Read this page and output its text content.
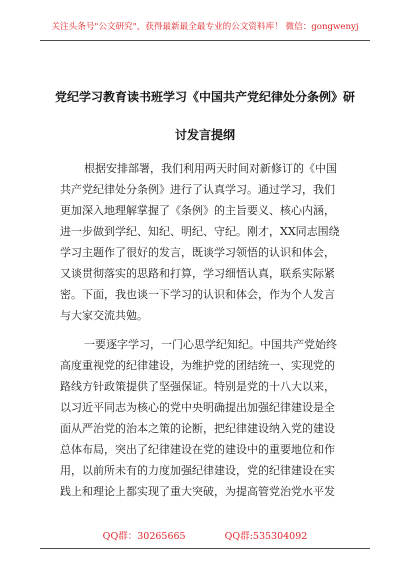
关注头条号"公文研究"，获得最新最全最专业的公文资料库！ 微信：gongwenyj
党纪学习教育读书班学习《中国共产党纪律处分条例》研
讨发言提纲
根据安排部署，我们利用两天时间对新修订的《中国
共产党纪律处分条例》进行了认真学习。通过学习，我们
更加深入地理解掌握了《条例》的主旨要义、核心内涵，
进一步做到学纪、知纪、明纪、守纪。刚才，XX同志围绕
学习主题作了很好的发言，既谈学习领悟的认识和体会，
又谈贯彻落实的思路和打算，学习细悟认真，联系实际紧
密。下面，我也谈一下学习的认识和体会，作为个人发言
与大家交流共勉。
一要逐字学习，一门心思学纪知纪。中国共产党始终
高度重视党的纪律建设，为维护党的团结统一、实现党的
路线方针政策提供了坚强保证。特别是党的十八大以来，
以习近平同志为核心的党中央明确提出加强纪律建设是全
面从严治党的治本之策的论断，把纪律建设纳入党的建设
总体布局，突出了纪律建设在党的建设中的重要地位和作
用，以前所未有的力度加强纪律建设，党的纪律建设在实
践上和理论上都实现了重大突破，为提高管党治党水平发
QQ群：30265665	QQ群:535304092
